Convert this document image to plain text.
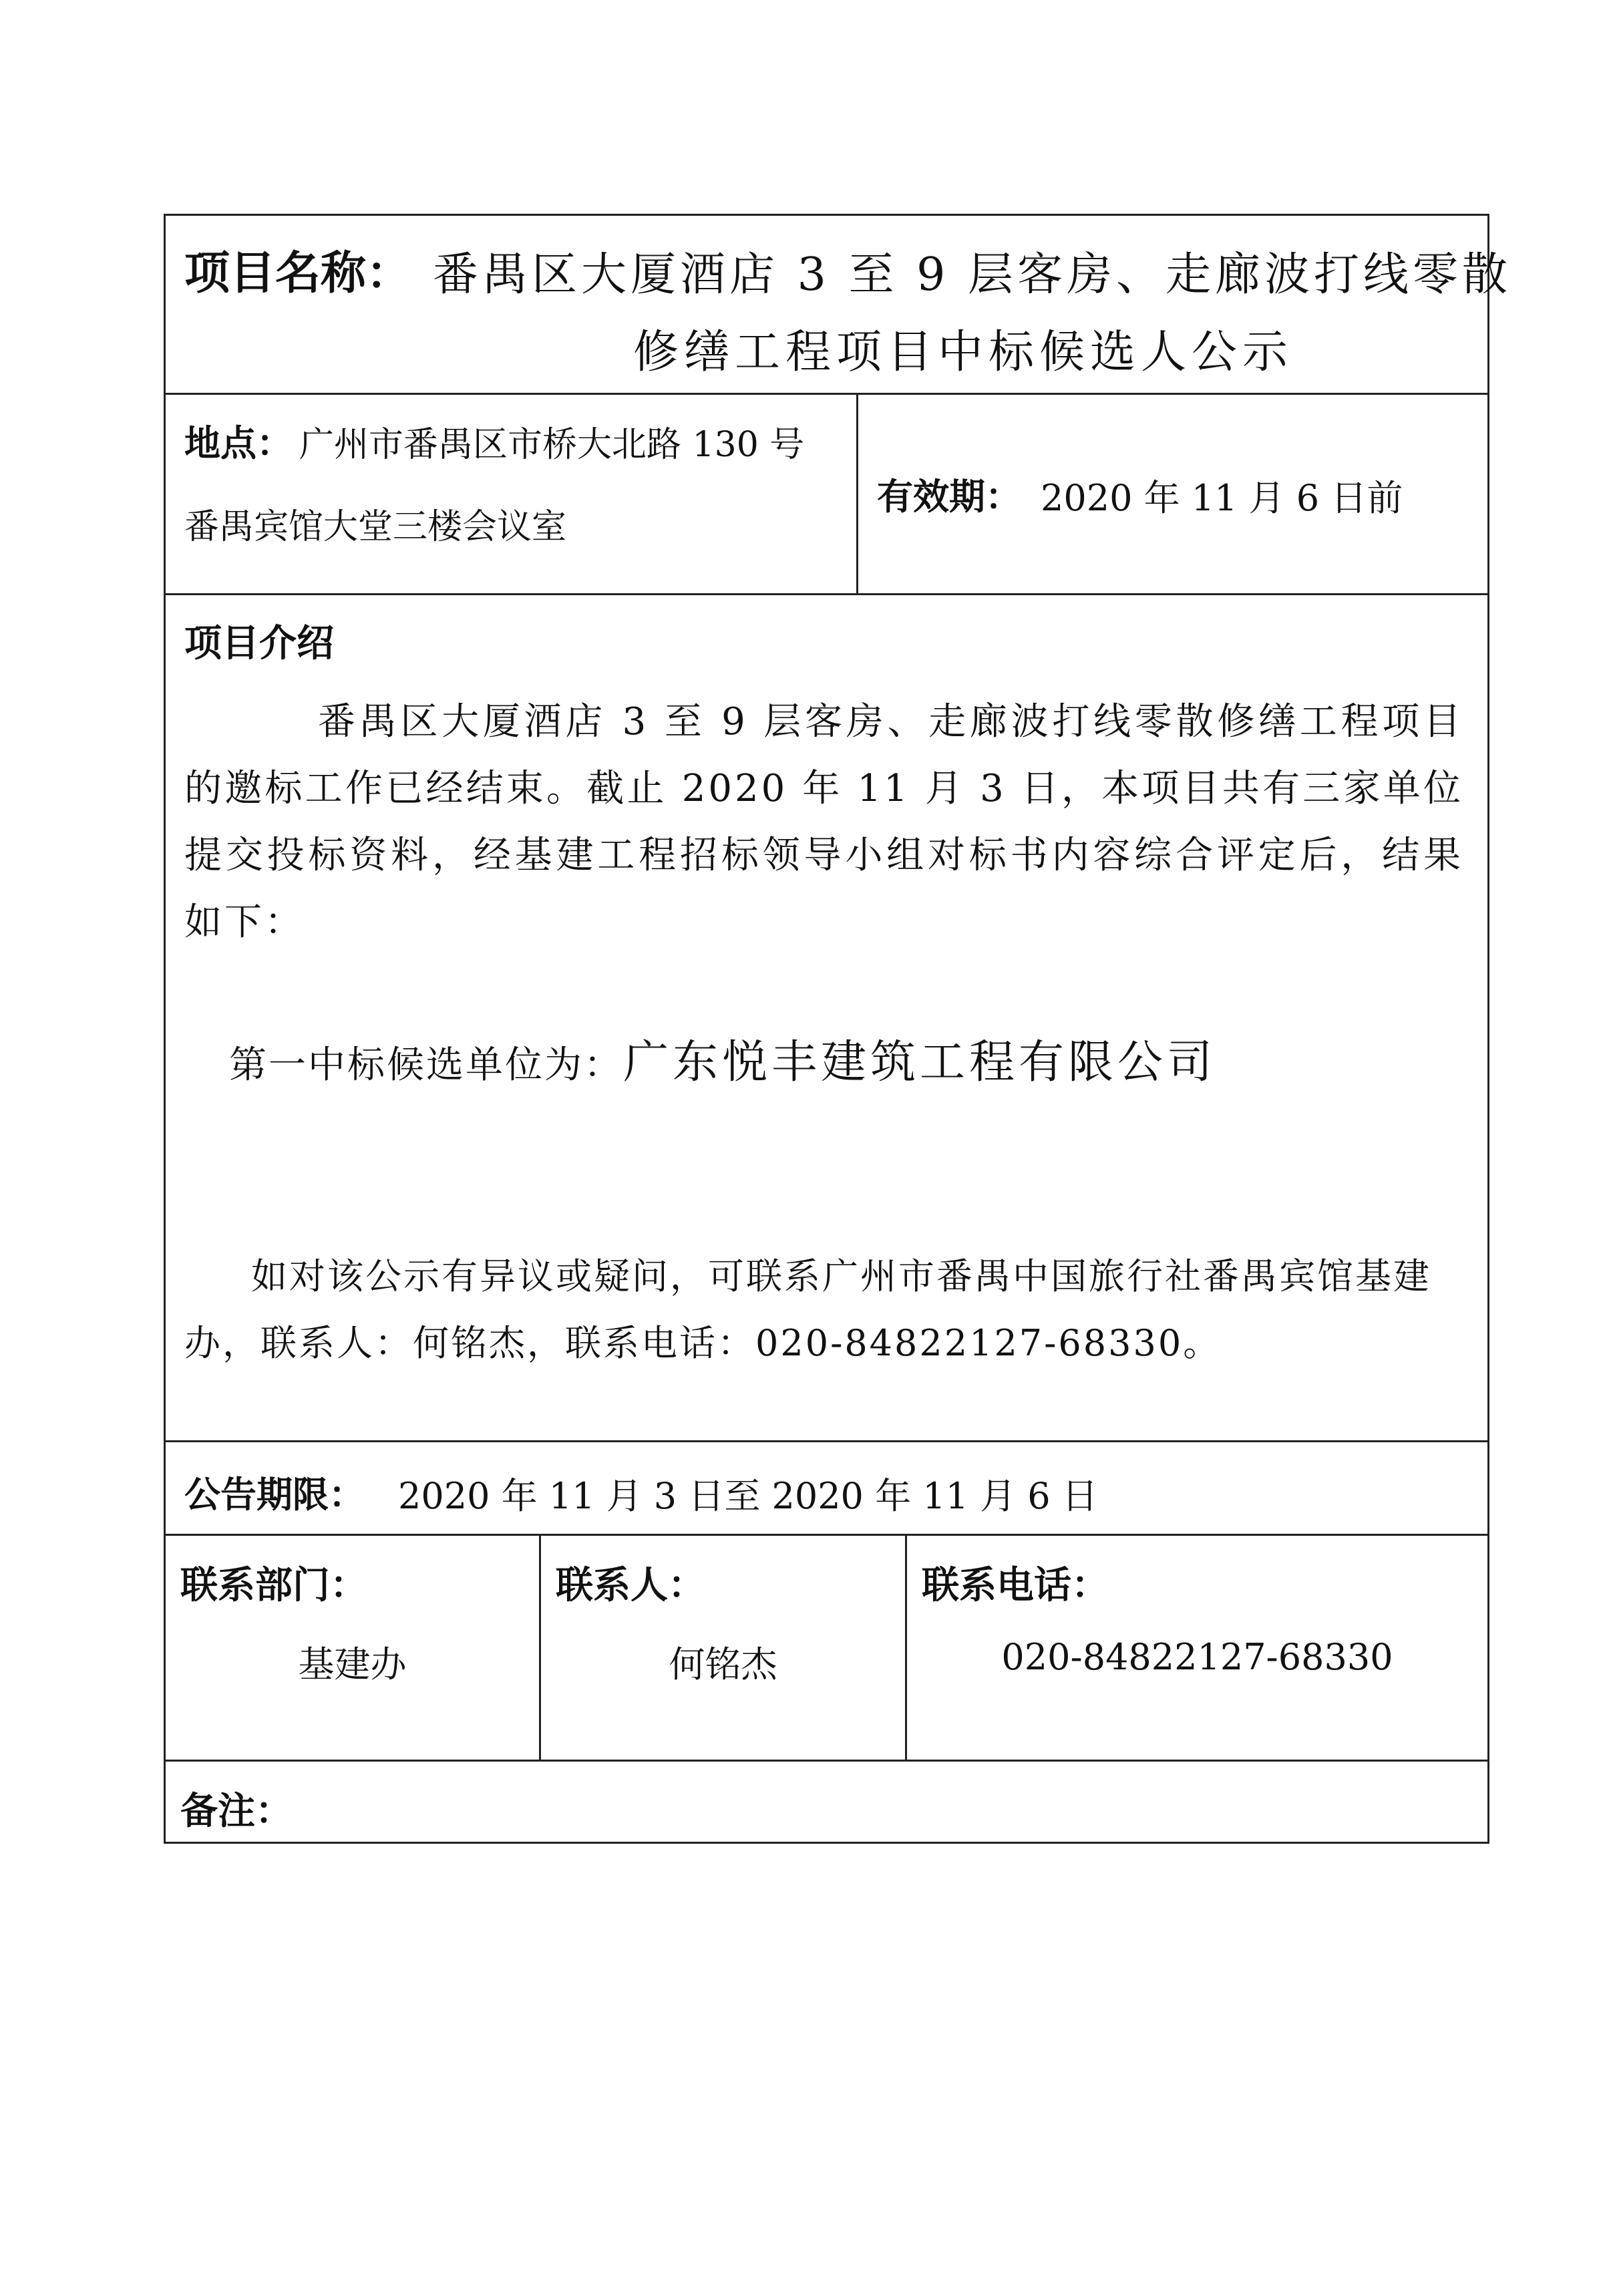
项目名称： 番禺区大厦酒店 3 至 9 层客房、走廊波打线零散
修缮工程项目中标候选人公示
地点： 广州市番禺区市桥大北路 130 号
番禺宾馆大堂三楼会议室
有效期： 2020 年 11 月 6 日前
项目介绍
番禺区大厦酒店 3 至 9 层客房、走廊波打线零散修缮工程项目的邀标工作已经结束。截止 2020 年 11 月 3 日，本项目共有三家单位提交投标资料，经基建工程招标领导小组对标书内容综合评定后，结果如下：
第一中标候选单位为：广东悦丰建筑工程有限公司
如对该公示有异议或疑问，可联系广州市番禺中国旅行社番禺宾馆基建办，联系人：何铭杰，联系电话：020-84822127-68330。
公告期限： 2020 年 11 月 3 日至 2020 年 11 月 6 日
联系部门：
基建办
联系人：
何铭杰
联系电话：
020-84822127-68330
备注：
